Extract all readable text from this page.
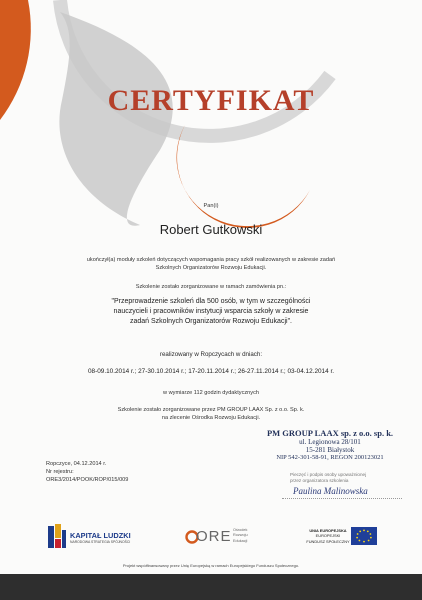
CERTYFIKAT
Pan(i)
Robert Gutkowski
ukończył(a) moduły szkoleń dotyczących wspomagania pracy szkół realizowanych w zakresie zadań
Szkolnych Organizatorów Rozwoju Edukacji.
Szkolenie zostało zorganizowane w ramach zamówienia pn.:
"Przeprowadzenie szkoleń dla 500 osób, w tym w szczególności
nauczycieli i pracowników instytucji wsparcia szkoły w zakresie
zadań Szkolnych Organizatorów Rozwoju Edukacji".
realizowany w Ropczycach w dniach:
08-09.10.2014 r.; 27-30.10.2014 r.; 17-20.11.2014 r.; 26-27.11.2014 r.; 03-04.12.2014 r.
w wymiarze 112 godzin dydaktycznych
Szkolenie zostało zorganizowane przez PM GROUP LAAX Sp. z o.o. Sp. k.
na zlecenie Ośrodka Rozwoju Edukacji.
Ropczyce, 04.12.2014 r.
Nr rejestru:
ORE3/2014/POOK/ROP/015/009
PM GROUP LAAX sp. z o.o. sp. k.
ul. Legionowa 28/101
15-281 Białystok
NIP 542-301-58-91, REGON 200123021
Pieczęć i podpis osoby upoważnionej
przez organizatora szkolenia
Paulina Malinowska
KAPITAŁ LUDZKI
NARODOWA STRATEGIA SPÓJNOŚCI	ORE Ośrodek
Rozwoju
Edukacji
UNIA EUROPEJSKA
EUROPEJSKI
FUNDUSZ SPOŁECZNY
Projekt współfinansowany przez Unię Europejską w ramach Europejskiego Funduszu Społecznego.
